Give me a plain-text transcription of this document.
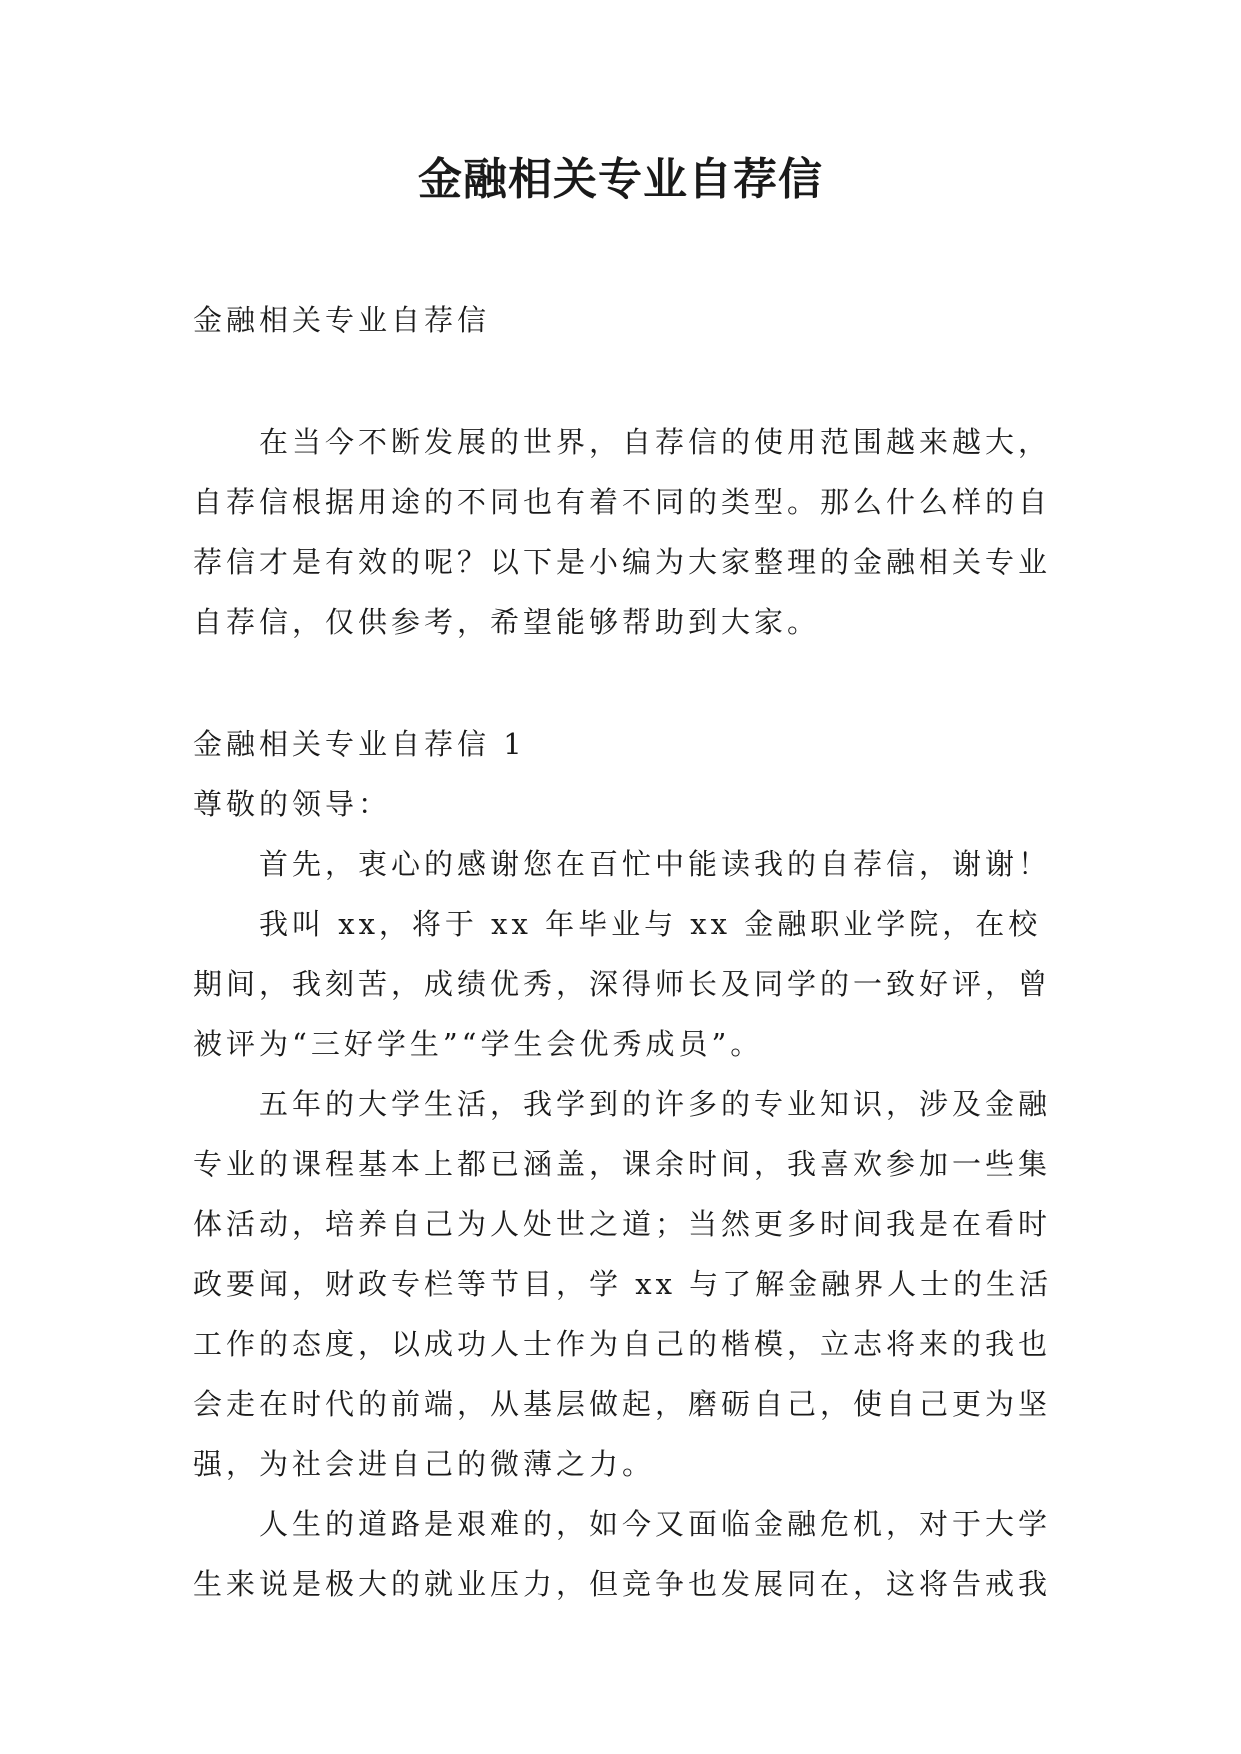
金融相关专业自荐信

金融相关专业自荐信

在当今不断发展的世界，自荐信的使用范围越来越大，自荐信根据用途的不同也有着不同的类型。那么什么样的自荐信才是有效的呢？以下是小编为大家整理的金融相关专业自荐信，仅供参考，希望能够帮助到大家。

金融相关专业自荐信 1

尊敬的领导：

首先，衷心的感谢您在百忙中能读我的自荐信，谢谢！

我叫 xx，将于 xx 年毕业与 xx 金融职业学院，在校期间，我刻苦，成绩优秀，深得师长及同学的一致好评，曾被评为“三好学生”“学生会优秀成员”。

五年的大学生活，我学到的许多的专业知识，涉及金融专业的课程基本上都已涵盖，课余时间，我喜欢参加一些集体活动，培养自己为人处世之道；当然更多时间我是在看时政要闻，财政专栏等节目，学 xx 与了解金融界人士的生活工作的态度，以成功人士作为自己的楷模，立志将来的我也会走在时代的前端，从基层做起，磨砺自己，使自己更为坚强，为社会进自己的微薄之力。

人生的道路是艰难的，如今又面临金融危机，对于大学生来说是极大的就业压力，但竞争也发展同在，这将告戒我
